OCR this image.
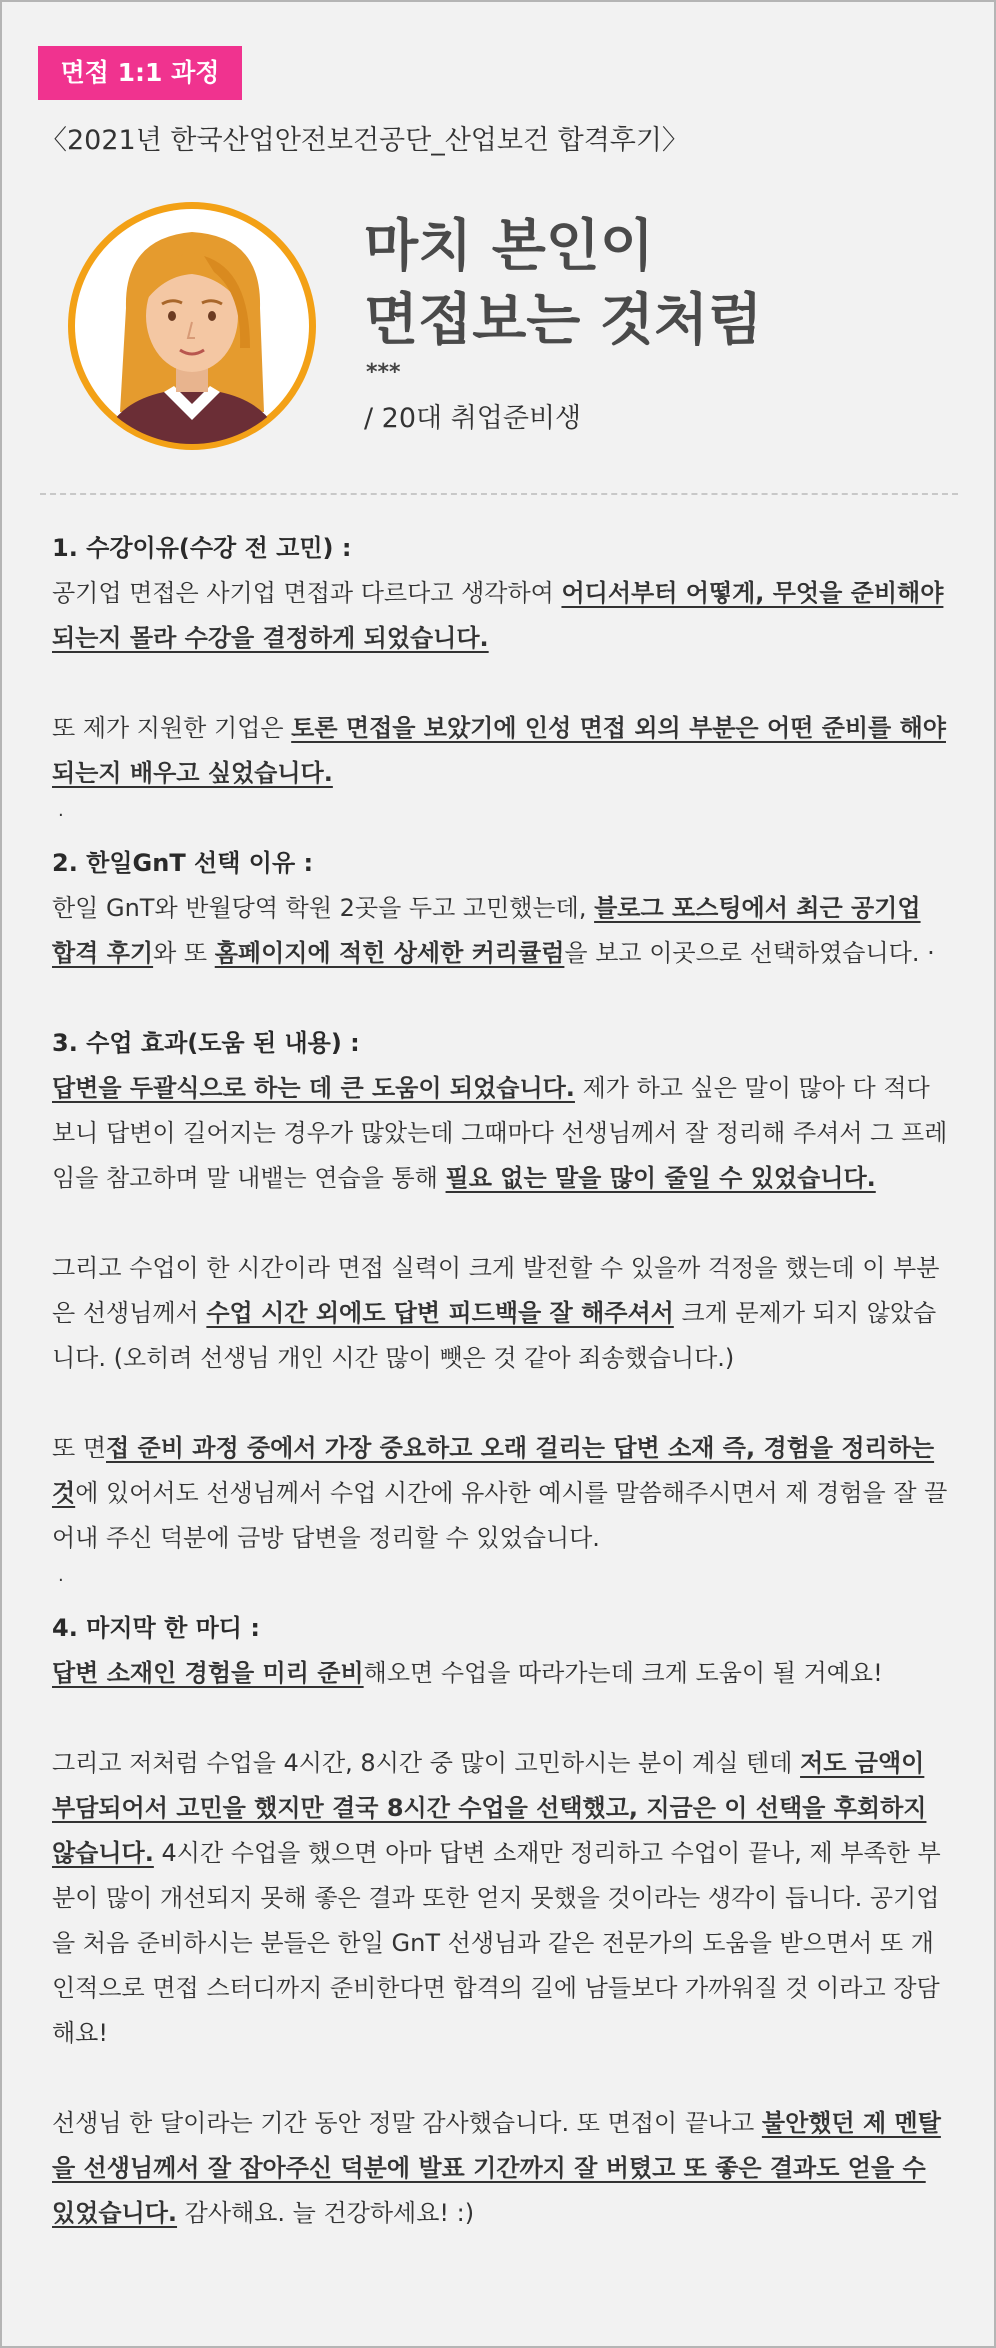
면접 1:1 과정
〈2021년 한국산업안전보건공단_산업보건 합격후기〉
마치 본인이
면접보는 것처럼
***
/ 20대 취업준비생

1. 수강이유(수강 전 고민) :

공기업 면접은 사기업 면접과 다르다고 생각하여 어디서부터 어떻게, 무엇을 준비해야 되는지 몰라 수강을 결정하게 되었습니다.

또 제가 지원한 기업은 토론 면접을 보았기에 인성 면접 외의 부분은 어떤 준비를 해야 되는지 배우고 싶었습니다.

.

2. 한일GnT 선택 이유 :

한일 GnT와 반월당역 학원 2곳을 두고 고민했는데, 블로그 포스팅에서 최근 공기업 합격 후기와 또 홈페이지에 적힌 상세한 커리큘럼을 보고 이곳으로 선택하였습니다. ·

3. 수업 효과(도움 된 내용) :

답변을 두괄식으로 하는 데 큰 도움이 되었습니다. 제가 하고 싶은 말이 많아 다 적다 보니 답변이 길어지는 경우가 많았는데 그때마다 선생님께서 잘 정리해 주셔서 그 프레임을 참고하며 말 내뱉는 연습을 통해 필요 없는 말을 많이 줄일 수 있었습니다.

그리고 수업이 한 시간이라 면접 실력이 크게 발전할 수 있을까 걱정을 했는데 이 부분은 선생님께서 수업 시간 외에도 답변 피드백을 잘 해주셔서 크게 문제가 되지 않았습니다. (오히려 선생님 개인 시간 많이 뺏은 것 같아 죄송했습니다.)

또 면접 준비 과정 중에서 가장 중요하고 오래 걸리는 답변 소재 즉, 경험을 정리하는 것에 있어서도 선생님께서 수업 시간에 유사한 예시를 말씀해주시면서 제 경험을 잘 끌어내 주신 덕분에 금방 답변을 정리할 수 있었습니다.

.

4. 마지막 한 마디 :

답변 소재인 경험을 미리 준비해오면 수업을 따라가는데 크게 도움이 될 거예요!

그리고 저처럼 수업을 4시간, 8시간 중 많이 고민하시는 분이 계실 텐데 저도 금액이 부담되어서 고민을 했지만 결국 8시간 수업을 선택했고, 지금은 이 선택을 후회하지 않습니다. 4시간 수업을 했으면 아마 답변 소재만 정리하고 수업이 끝나, 제 부족한 부분이 많이 개선되지 못해 좋은 결과 또한 얻지 못했을 것이라는 생각이 듭니다. 공기업을 처음 준비하시는 분들은 한일 GnT 선생님과 같은 전문가의 도움을 받으면서 또 개인적으로 면접 스터디까지 준비한다면 합격의 길에 남들보다 가까워질 것 이라고 장담해요!

선생님 한 달이라는 기간 동안 정말 감사했습니다. 또 면접이 끝나고 불안했던 제 멘탈을 선생님께서 잘 잡아주신 덕분에 발표 기간까지 잘 버텼고 또 좋은 결과도 얻을 수 있었습니다. 감사해요. 늘 건강하세요! :)
